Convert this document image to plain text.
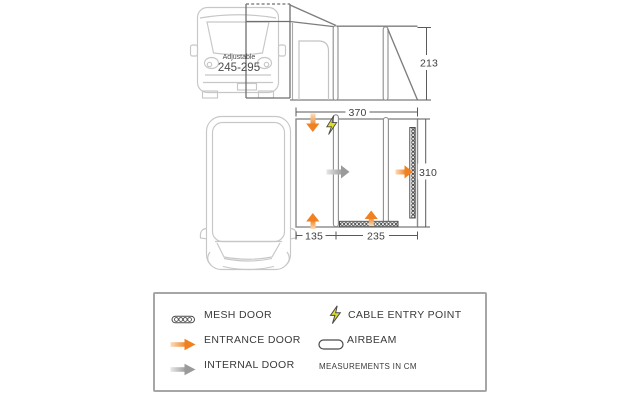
Adjustable
245-295	213
370
310
135	235
MESH DOOR
ENTRANCE DOOR
INTERNAL DOOR
CABLE ENTRY POINT
AIRBEAM
MEASUREMENTS IN CM
